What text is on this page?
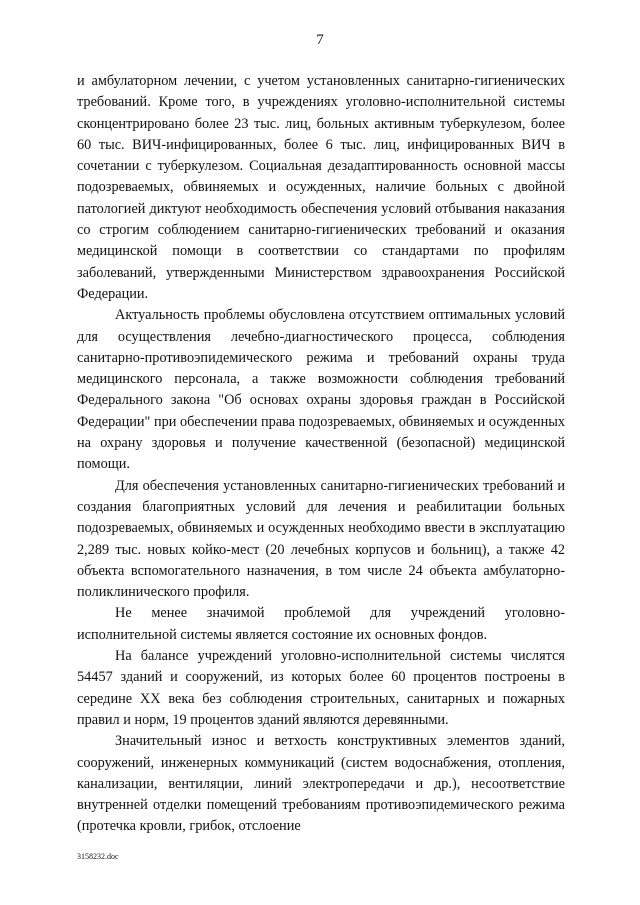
7

и амбулаторном лечении, с учетом установленных санитарно-гигиенических требований. Кроме того, в учреждениях уголовно-исполнительной системы сконцентрировано более 23 тыс. лиц, больных активным туберкулезом, более 60 тыс. ВИЧ-инфицированных, более 6 тыс. лиц, инфицированных ВИЧ в сочетании с туберкулезом. Социальная дезадаптированность основной массы подозреваемых, обвиняемых и осужденных, наличие больных с двойной патологией диктуют необходимость обеспечения условий отбывания наказания со строгим соблюдением санитарно-гигиенических требований и оказания медицинской помощи в соответствии со стандартами по профилям заболеваний, утвержденными Министерством здравоохранения Российской Федерации.

Актуальность проблемы обусловлена отсутствием оптимальных условий для осуществления лечебно-диагностического процесса, соблюдения санитарно-противоэпидемического режима и требований охраны труда медицинского персонала, а также возможности соблюдения требований Федерального закона "Об основах охраны здоровья граждан в Российской Федерации" при обеспечении права подозреваемых, обвиняемых и осужденных на охрану здоровья и получение качественной (безопасной) медицинской помощи.

Для обеспечения установленных санитарно-гигиенических требований и создания благоприятных условий для лечения и реабилитации больных подозреваемых, обвиняемых и осужденных необходимо ввести в эксплуатацию 2,289 тыс. новых койко-мест (20 лечебных корпусов и больниц), а также 42 объекта вспомогательного назначения, в том числе 24 объекта амбулаторно-поликлинического профиля.

Не менее значимой проблемой для учреждений уголовно-исполнительной системы является состояние их основных фондов.

На балансе учреждений уголовно-исполнительной системы числятся 54457 зданий и сооружений, из которых более 60 процентов построены в середине XX века без соблюдения строительных, санитарных и пожарных правил и норм, 19 процентов зданий являются деревянными.

Значительный износ и ветхость конструктивных элементов зданий, сооружений, инженерных коммуникаций (систем водоснабжения, отопления, канализации, вентиляции, линий электропередачи и др.), несоответствие внутренней отделки помещений требованиям противоэпидемического режима (протечка кровли, грибок, отслоение

3158232.doc
